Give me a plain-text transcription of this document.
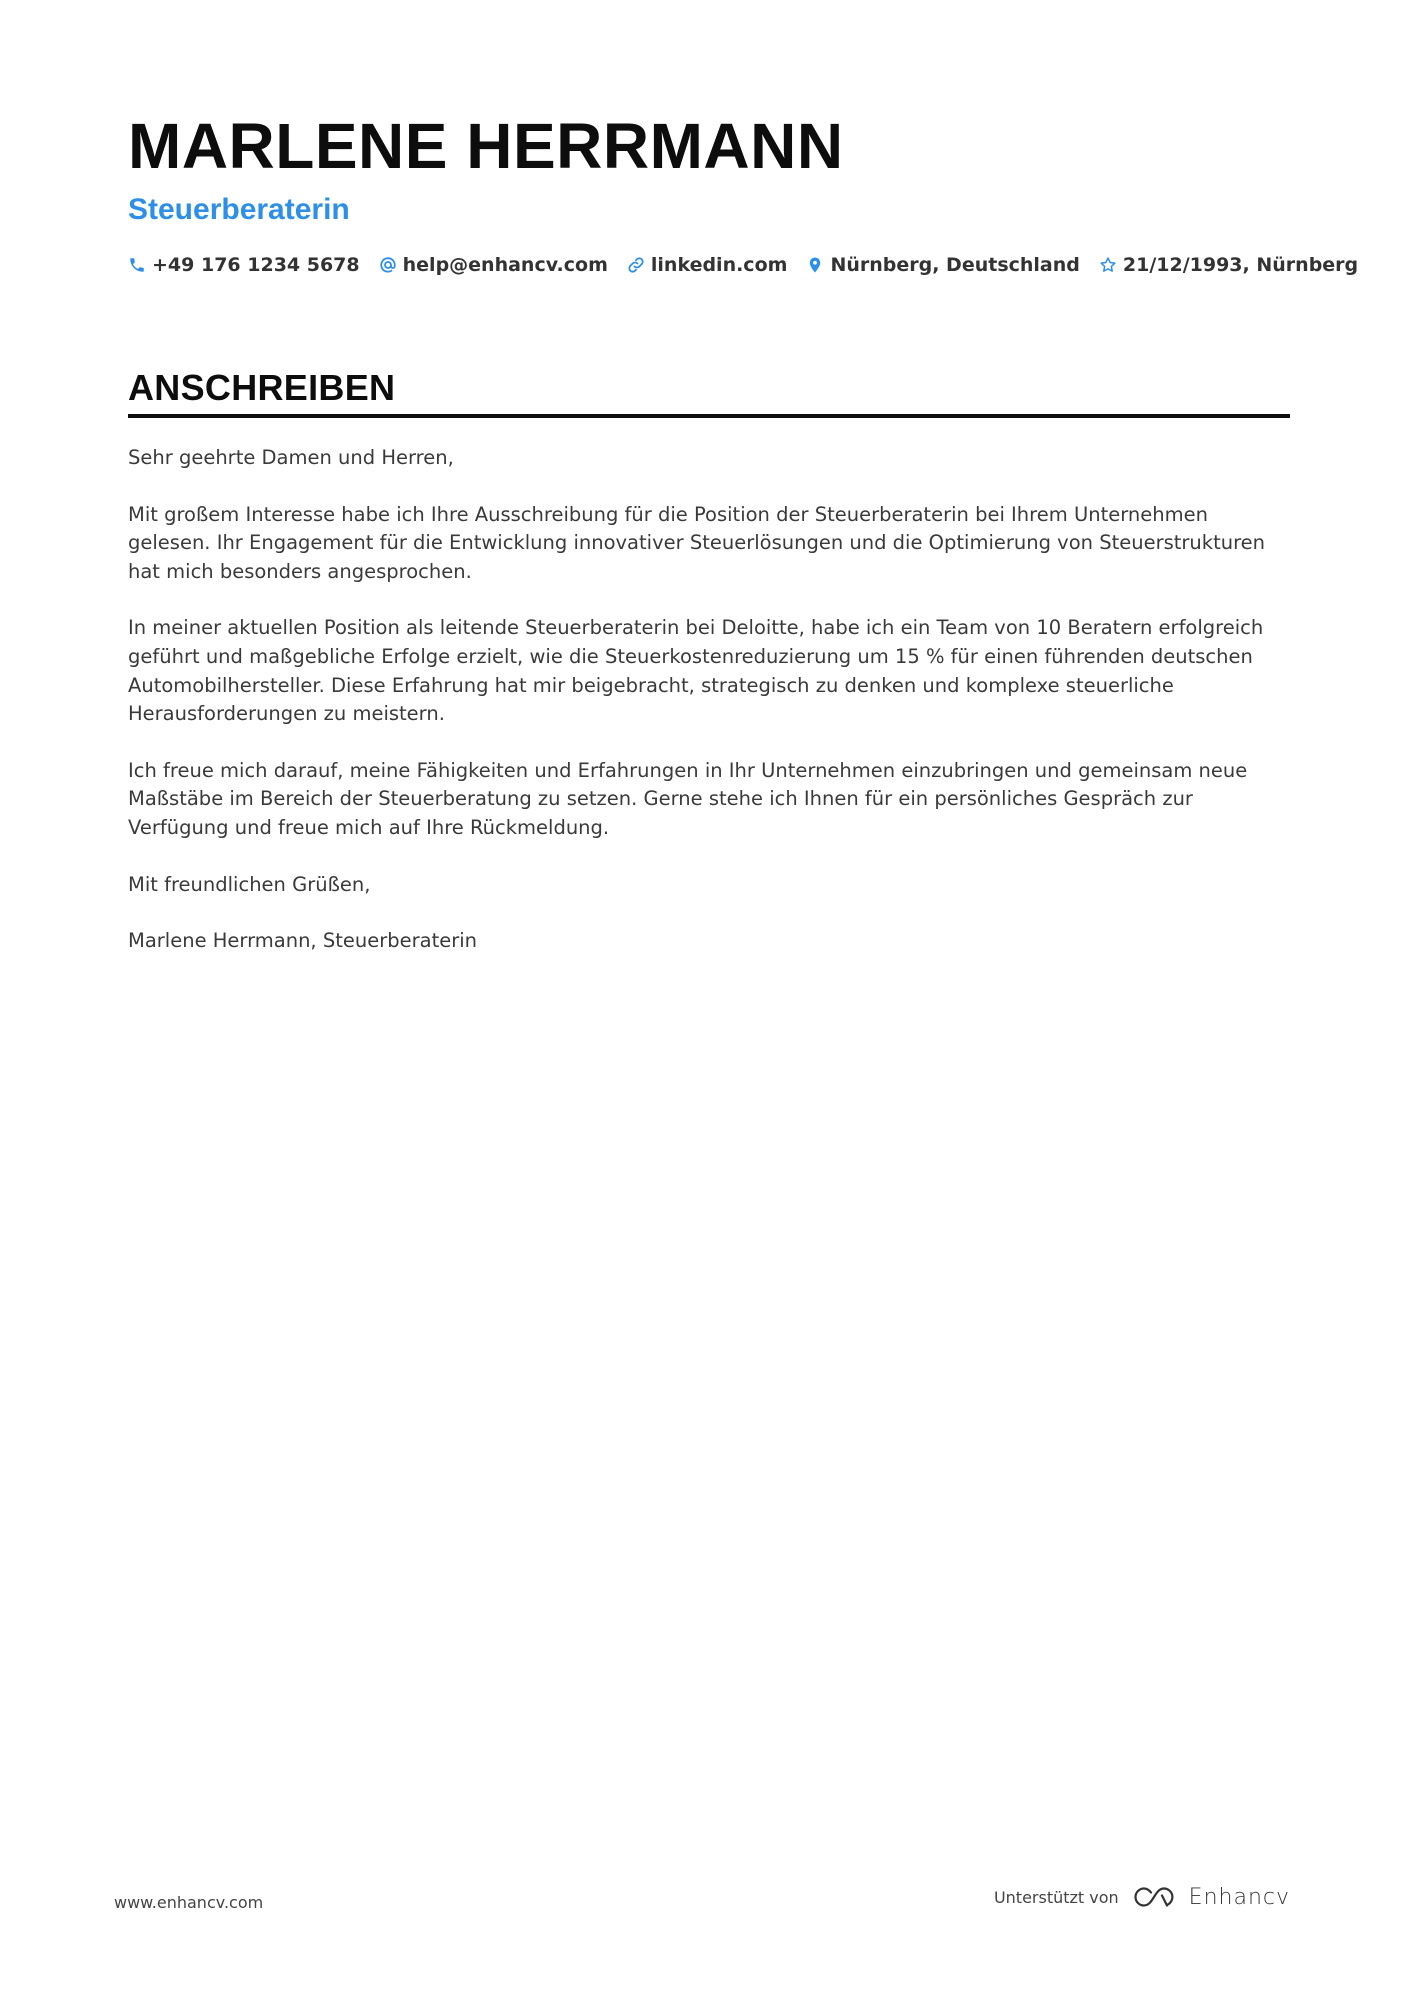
MARLENE HERRMANN
Steuerberaterin
+49 176 1234 5678 help@enhancv.com linkedin.com Nürnberg, Deutschland 21/12/1993, Nürnberg
ANSCHREIBEN

Sehr geehrte Damen und Herren,

Mit großem Interesse habe ich Ihre Ausschreibung für die Position der Steuerberaterin bei Ihrem Unternehmen gelesen. Ihr Engagement für die Entwicklung innovativer Steuerlösungen und die Optimierung von Steuerstrukturen hat mich besonders angesprochen.

In meiner aktuellen Position als leitende Steuerberaterin bei Deloitte, habe ich ein Team von 10 Beratern erfolgreich geführt und maßgebliche Erfolge erzielt, wie die Steuerkostenreduzierung um 15 % für einen führenden deutschen Automobilhersteller. Diese Erfahrung hat mir beigebracht, strategisch zu denken und komplexe steuerliche Herausforderungen zu meistern.

Ich freue mich darauf, meine Fähigkeiten und Erfahrungen in Ihr Unternehmen einzubringen und gemeinsam neue Maßstäbe im Bereich der Steuerberatung zu setzen. Gerne stehe ich Ihnen für ein persönliches Gespräch zur Verfügung und freue mich auf Ihre Rückmeldung.

Mit freundlichen Grüßen,

Marlene Herrmann, Steuerberaterin

www.enhancv.com	Unterstützt von	Enhancv
